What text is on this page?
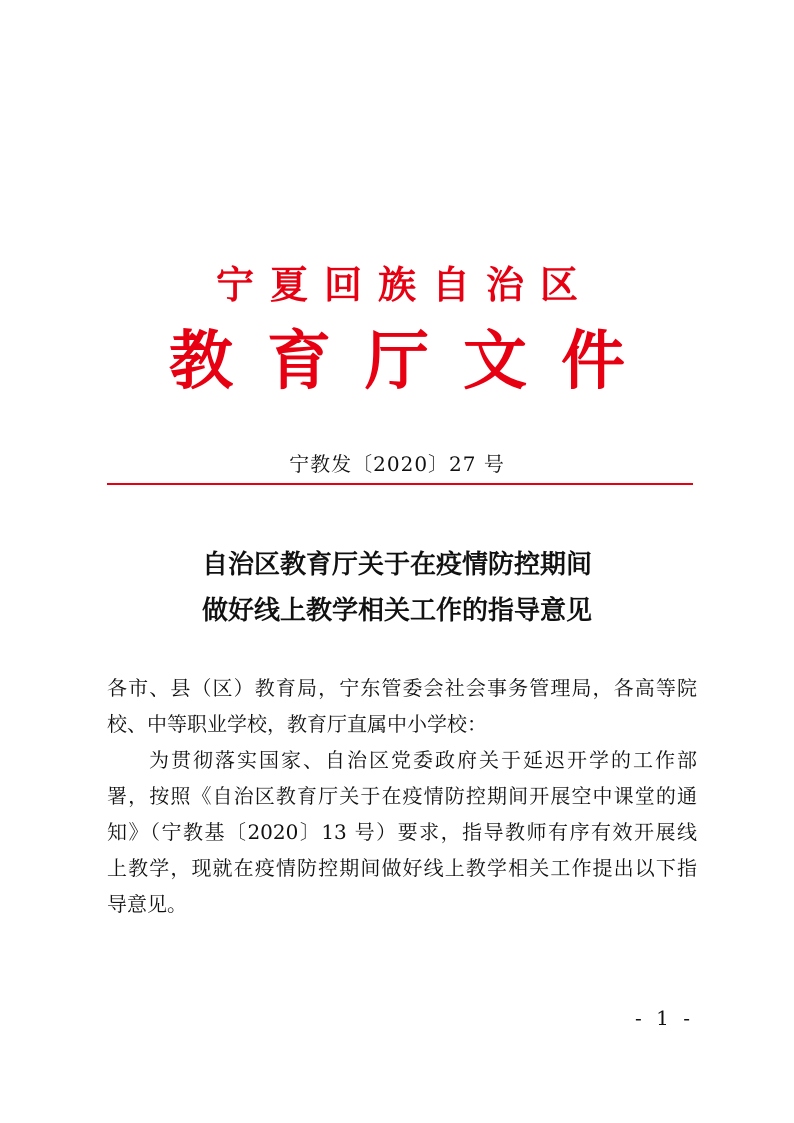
宁夏回族自治区
教育厅文件
宁教发〔2020〕27 号
自治区教育厅关于在疫情防控期间
做好线上教学相关工作的指导意见
各市、县（区）教育局，宁东管委会社会事务管理局，各高等院
校、中等职业学校，教育厅直属中小学校：
为贯彻落实国家、自治区党委政府关于延迟开学的工作部
署，按照《自治区教育厅关于在疫情防控期间开展空中课堂的通
知》（宁教基〔2020〕13 号）要求，指导教师有序有效开展线
上教学，现就在疫情防控期间做好线上教学相关工作提出以下指
导意见。
- 1 -
